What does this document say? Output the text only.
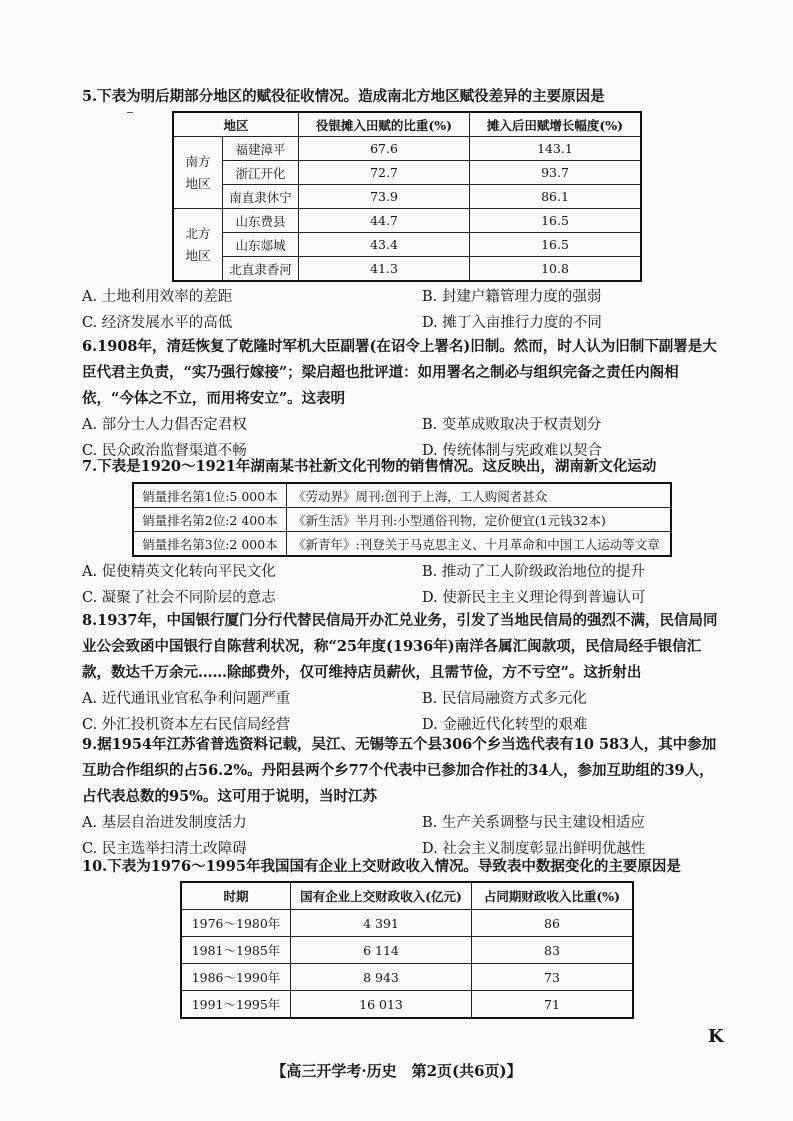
5.下表为明后期部分地区的赋役征收情况。造成南北方地区赋役差异的主要原因是
地区		役银摊入田赋的比重(%)	摊入后田赋增长幅度(%)
南方地区	福建漳平	67.6	143.1
	浙江开化	72.7	93.7
	南直隶休宁	73.9	86.1
北方地区	山东费县	44.7	16.5
	山东郯城	43.4	16.5
	北直隶香河	41.3	10.8
A. 土地利用效率的差距	B. 封建户籍管理力度的强弱
C. 经济发展水平的高低	D. 摊丁入亩推行力度的不同
6.1908年，清廷恢复了乾隆时军机大臣副署(在诏令上署名)旧制。然而，时人认为旧制下副署是大臣代君主负责，“实乃强行嫁接”；梁启超也批评道：如用署名之制必与组织完备之责任内阁相依，“今体之不立，而用将安立”。这表明
A. 部分士人力倡否定君权	B. 变革成败取决于权责划分
C. 民众政治监督渠道不畅	D. 传统体制与宪政难以契合
7.下表是1920～1921年湖南某书社新文化刊物的销售情况。这反映出，湖南新文化运动
销量排名第1位:5 000本	《劳动界》周刊:创刊于上海，工人购阅者甚众
销量排名第2位:2 400本	《新生活》半月刊:小型通俗刊物，定价便宜(1元钱32本)
销量排名第3位:2 000本	《新青年》:刊登关于马克思主义、十月革命和中国工人运动等文章
A. 促使精英文化转向平民文化	B. 推动了工人阶级政治地位的提升
C. 凝聚了社会不同阶层的意志	D. 使新民主主义理论得到普遍认可
8.1937年，中国银行厦门分行代替民信局开办汇兑业务，引发了当地民信局的强烈不满，民信局同业公会致函中国银行自陈营利状况，称“25年度(1936年)南洋各属汇闽款项，民信局经手银信汇款，数达千万余元……除邮费外，仅可维持店员薪伙，且需节俭，方不亏空”。这折射出
A. 近代通讯业官私争利问题严重	B. 民信局融资方式多元化
C. 外汇投机资本左右民信局经营	D. 金融近代化转型的艰难
9.据1954年江苏省普选资料记载，吴江、无锡等五个县306个乡当选代表有10 583人，其中参加互助合作组织的占56.2%。丹阳县两个乡77个代表中已参加合作社的34人，参加互助组的39人，占代表总数的95%。这可用于说明，当时江苏
A. 基层自治迸发制度活力	B. 生产关系调整与民主建设相适应
C. 民主选举扫清土改障碍	D. 社会主义制度彰显出鲜明优越性
10.下表为1976～1995年我国国有企业上交财政收入情况。导致表中数据变化的主要原因是
时期	国有企业上交财政收入(亿元)	占同期财政收入比重(%)
1976～1980年	4 391	86
1981～1985年	6 114	83
1986～1990年	8 943	73
1991～1995年	16 013	71
K
【高三开学考·历史　第2页(共6页)】
